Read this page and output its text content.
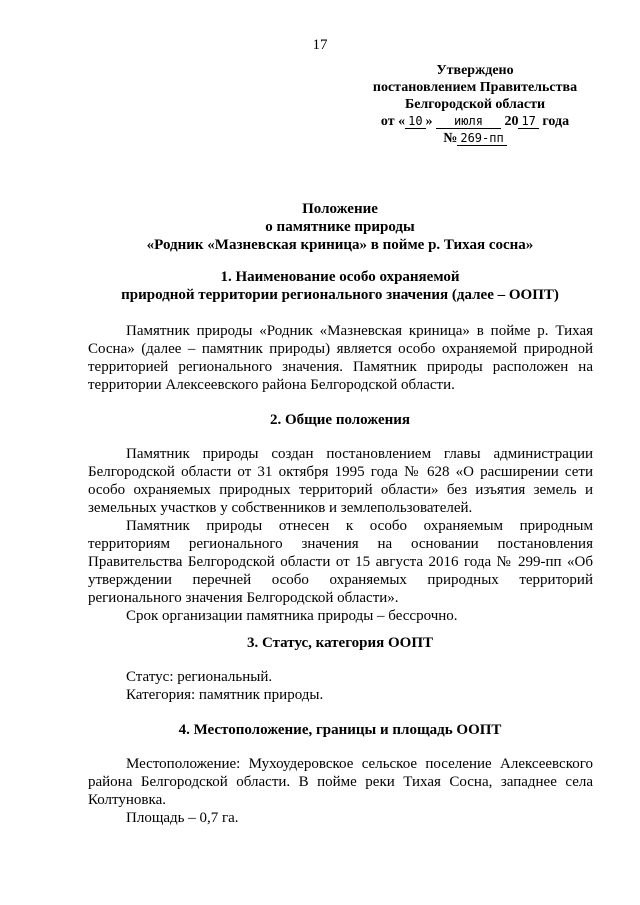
17
Утверждено
постановлением Правительства
Белгородской области
от « 10 » июля 20 17 года
№ 269-пп
Положение
о памятнике природы
«Родник «Мазневская криница» в пойме р. Тихая сосна»
1. Наименование особо охраняемой
природной территории регионального значения (далее – ООПТ)

Памятник природы «Родник «Мазневская криница» в пойме р. Тихая Сосна» (далее – памятник природы) является особо охраняемой природной территорией регионального значения. Памятник природы расположен на территории Алексеевского района Белгородской области.

2. Общие положения

Памятник природы создан постановлением главы администрации Белгородской области от 31 октября 1995 года № 628 «О расширении сети особо охраняемых природных территорий области» без изъятия земель и земельных участков у собственников и землепользователей.

Памятник природы отнесен к особо охраняемым природным территориям регионального значения на основании постановления Правительства Белгородской области от 15 августа 2016 года № 299-пп «Об утверждении перечней особо охраняемых природных территорий регионального значения Белгородской области».

Срок организации памятника природы – бессрочно.

3. Статус, категория ООПТ

Статус: региональный.

Категория: памятник природы.

4. Местоположение, границы и площадь ООПТ

Местоположение: Мухоудеровское сельское поселение Алексеевского района Белгородской области. В пойме реки Тихая Сосна, западнее села Колтуновка.

Площадь – 0,7 га.
